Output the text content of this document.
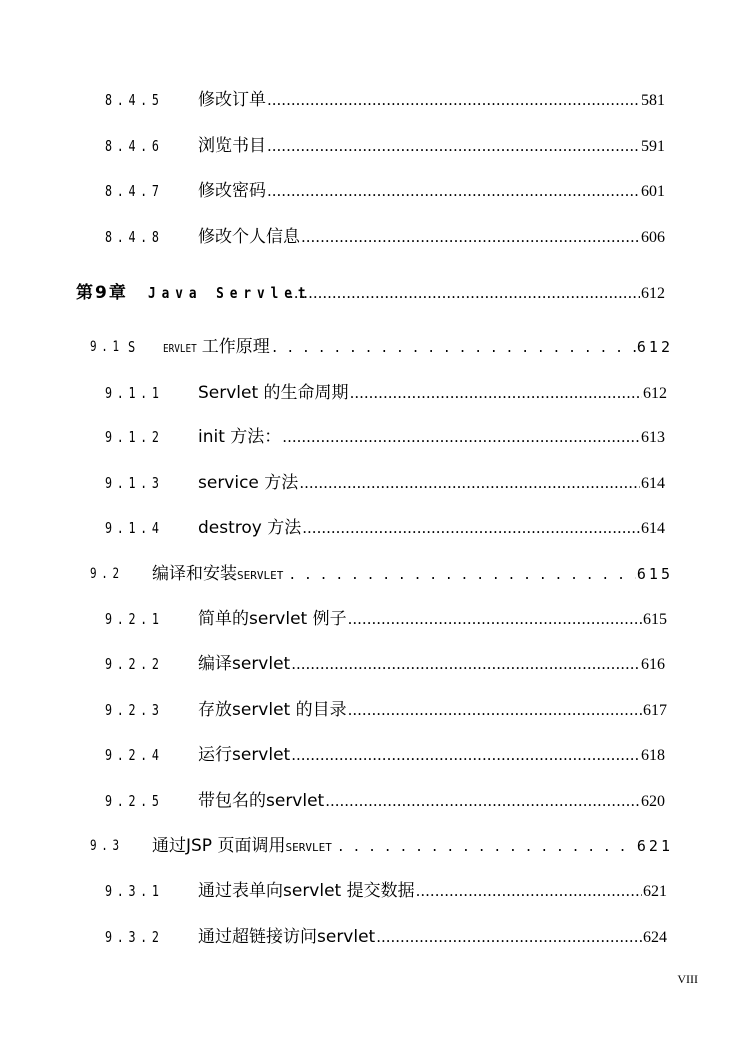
8.4.5 修改订单 .....	581
8.4.6 浏览书目 .....	591
8.4.7 修改密码 .....	601
8.4.8 修改个人信息 .....	606
第9章 Java Servlet .....	612
9.1 S	ERVLET 工作原理 . . .	612
9.1.1 Servlet 的生命周期 .....	612
9.1.2 init 方法： .....	613
9.1.3 service 方法 .....	614
9.1.4 destroy 方法 .....	614
9.2 编译和安装 SERVLET . . .	615
9.2.1 简单的servlet 例子 .....	615
9.2.2 编译servlet .....	616
9.2.3 存放servlet 的目录 .....	617
9.2.4 运行servlet .....	618
9.2.5 带包名的servlet .....	620
9.3 通过JSP 页面调用 SERVLET . . .	621
9.3.1 通过表单向servlet 提交数据 .....	621
9.3.2 通过超链接访问servlet .....	624
VIII
